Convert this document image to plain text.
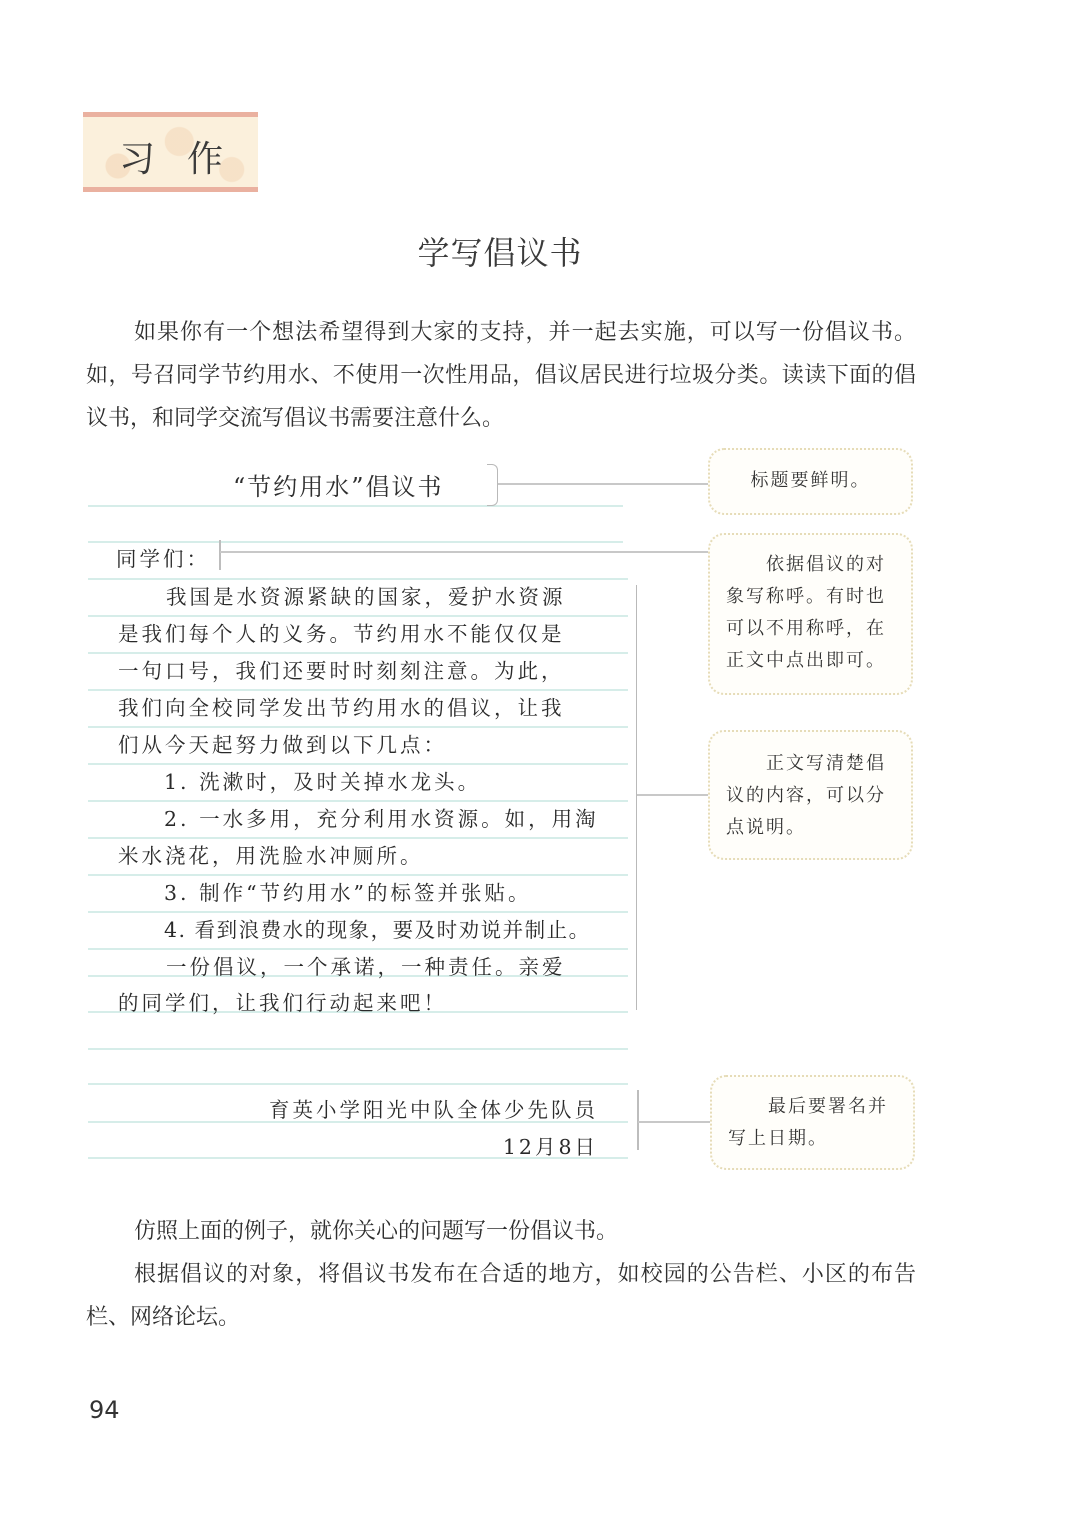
习 作
学写倡议书
如果你有一个想法希望得到大家的支持，并一起去实施，可以写一份倡议书。如，号召同学节约用水、不使用一次性用品，倡议居民进行垃圾分类。读读下面的倡议书，和同学交流写倡议书需要注意什么。
“节约用水”倡议书
同学们：
我国是水资源紧缺的国家，爱护水资源
是我们每个人的义务。节约用水不能仅仅是
一句口号，我们还要时时刻刻注意。为此，
我们向全校同学发出节约用水的倡议，让我
们从今天起努力做到以下几点：
1. 洗漱时，及时关掉水龙头。
2. 一水多用，充分利用水资源。如，用淘
米水浇花，用洗脸水冲厕所。
3. 制作“节约用水”的标签并张贴。
4. 看到浪费水的现象，要及时劝说并制止。
一份倡议，一个承诺，一种责任。亲爱
的同学们，让我们行动起来吧！
育英小学阳光中队全体少先队员
12月8日
标题要鲜明。
依据倡议的对象写称呼。有时也可以不用称呼，在正文中点出即可。
正文写清楚倡议的内容，可以分点说明。
最后要署名并写上日期。
仿照上面的例子，就你关心的问题写一份倡议书。
根据倡议的对象，将倡议书发布在合适的地方，如校园的公告栏、小区的布告栏、网络论坛。
94
